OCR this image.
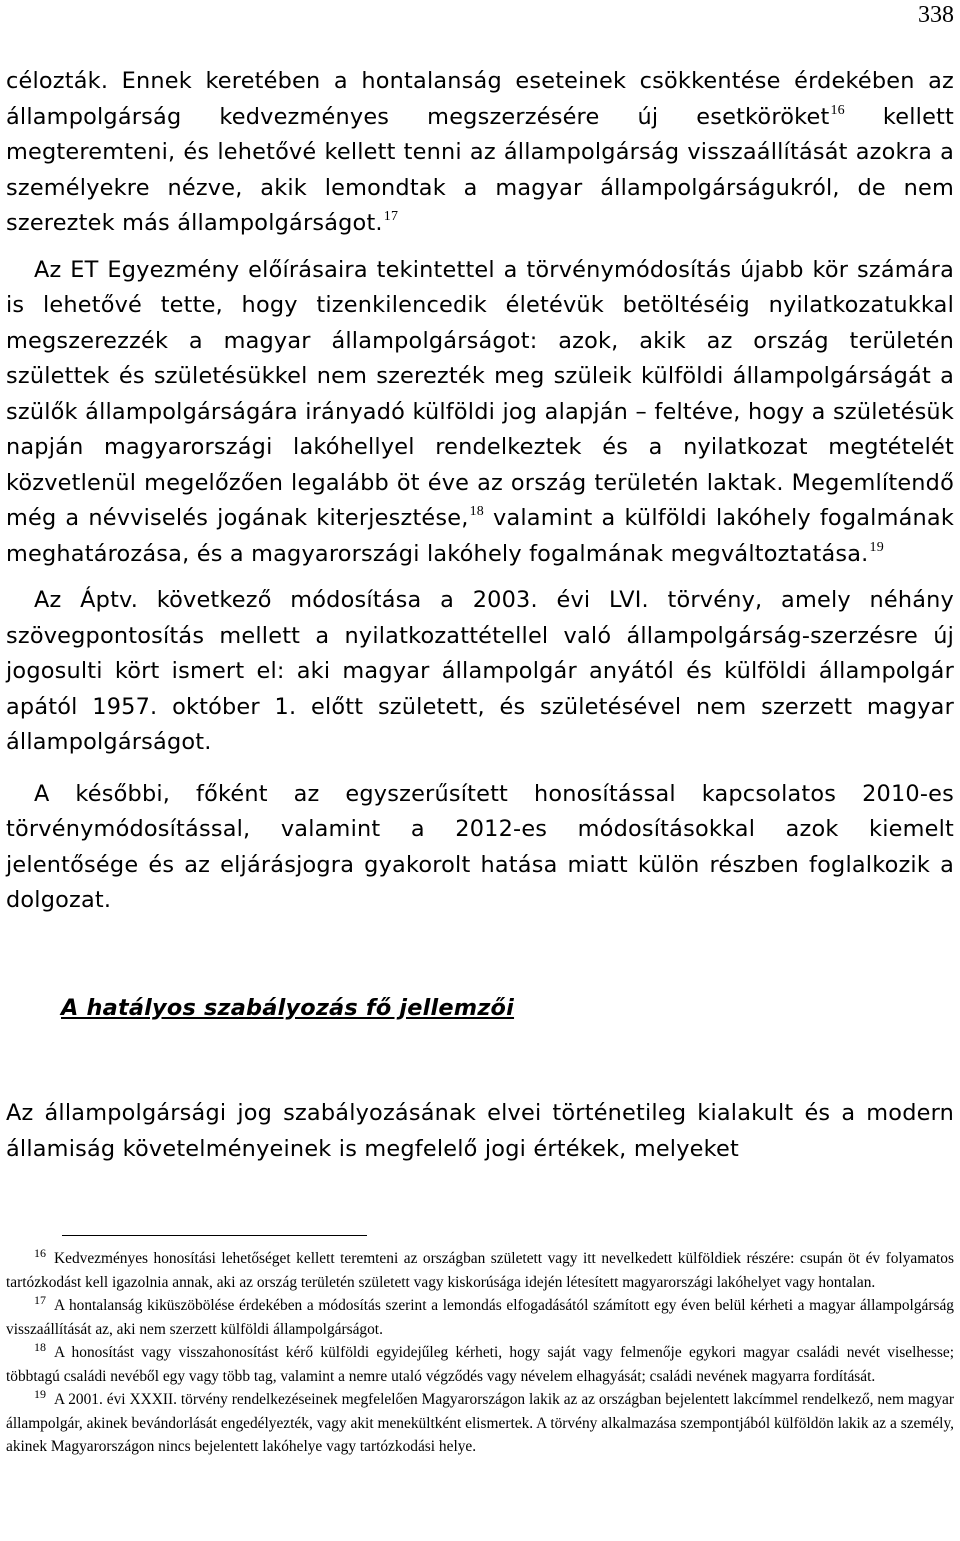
338

célozták. Ennek keretében a hontalanság eseteinek csökkentése érdekében az állampolgárság kedvezményes megszerzésére új esetköröket$^{16}$ kellett megteremteni, és lehetővé kellett tenni az állampolgárság visszaállítását azokra a személyekre nézve, akik lemondtak a magyar állampolgárságukról, de nem szereztek más állampolgárságot.$^{17}$

Az ET Egyezmény előírásaira tekintettel a törvénymódosítás újabb kör számára is lehetővé tette, hogy tizenkilencedik életévük betöltéséig nyilatkozatukkal megszerezzék a magyar állampolgárságot: azok, akik az ország területén születtek és születésükkel nem szerezték meg szüleik külföldi állampolgárságát a szülők állampolgárságára irányadó külföldi jog alapján – feltéve, hogy a születésük napján magyarországi lakóhellyel rendelkeztek és a nyilatkozat megtételét közvetlenül megelőzően legalább öt éve az ország területén laktak. Megemlítendő még a névviselés jogának kiterjesztése,$^{18}$ valamint a külföldi lakóhely fogalmának meghatározása, és a magyarországi lakóhely fogalmának megváltoztatása.$^{19}$

Az Áptv. következő módosítása a 2003. évi LVI. törvény, amely néhány szövegpontosítás mellett a nyilatkozattétellel való állampolgárság-szerzésre új jogosulti kört ismert el: aki magyar állampolgár anyától és külföldi állampolgár apától 1957. október 1. előtt született, és születésével nem szerzett magyar állampolgárságot.

A későbbi, főként az egyszerűsített honosítással kapcsolatos 2010-es törvénymódosítással, valamint a 2012-es módosításokkal azok kiemelt jelentősége és az eljárásjogra gyakorolt hatása miatt külön részben foglalkozik a dolgozat.

A hatályos szabályozás fő jellemzői

Az állampolgársági jog szabályozásának elvei történetileg kialakult és a modern államiság követelményeinek is megfelelő jogi értékek, melyeket

$^{16}$ Kedvezményes honosítási lehetőséget kellett teremteni az országban született vagy itt nevelkedett külföldiek részére: csupán öt év folyamatos tartózkodást kell igazolnia annak, aki az ország területén született vagy kiskorúsága idején létesített magyarországi lakóhelyet vagy hontalan.

$^{17}$ A hontalanság kiküszöbölése érdekében a módosítás szerint a lemondás elfogadásától számított egy éven belül kérheti a magyar állampolgárság visszaállítását az, aki nem szerzett külföldi állampolgárságot.

$^{18}$ A honosítást vagy visszahonosítást kérő külföldi egyidejűleg kérheti, hogy saját vagy felmenője egykori magyar családi nevét viselhesse; többtagú családi nevéből egy vagy több tag, valamint a nemre utaló végződés vagy névelem elhagyását; családi nevének magyarra fordítását.

$^{19}$ A 2001. évi XXXII. törvény rendelkezéseinek megfelelően Magyarországon lakik az az országban bejelentett lakcímmel rendelkező, nem magyar állampolgár, akinek bevándorlását engedélyezték, vagy akit menekültként elismertek. A törvény alkalmazása szempontjából külföldön lakik az a személy, akinek Magyarországon nincs bejelentett lakóhelye vagy tartózkodási helye.
